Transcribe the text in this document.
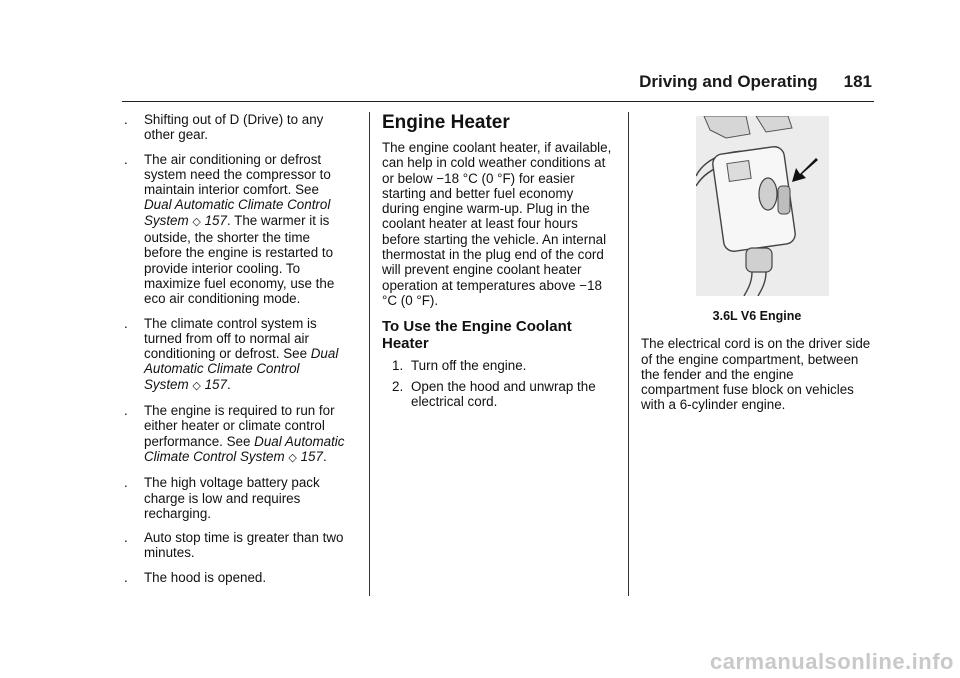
Driving and Operating 181
. Shifting out of D (Drive) to any other gear.
. The air conditioning or defrost system need the compressor to maintain interior comfort. See Dual Automatic Climate Control System ◇ 157. The warmer it is outside, the shorter the time before the engine is restarted to provide interior cooling. To maximize fuel economy, use the eco air conditioning mode.
. The climate control system is turned from off to normal air conditioning or defrost. See Dual Automatic Climate Control System ◇ 157.
. The engine is required to run for either heater or climate control performance. See Dual Automatic Climate Control System ◇ 157.
. The high voltage battery pack charge is low and requires recharging.
. Auto stop time is greater than two minutes.
. The hood is opened.
Engine Heater

The engine coolant heater, if available, can help in cold weather conditions at or below −18 °C (0 °F) for easier starting and better fuel economy during engine warm-up. Plug in the coolant heater at least four hours before starting the vehicle. An internal thermostat in the plug end of the cord will prevent engine coolant heater operation at temperatures above −18 °C (0 °F).

To Use the Engine Coolant Heater
1. Turn off the engine.
2. Open the hood and unwrap the electrical cord.
3.6L V6 Engine

The electrical cord is on the driver side of the engine compartment, between the fender and the engine compartment fuse block on vehicles with a 6-cylinder engine.

carmanualsonline.info
